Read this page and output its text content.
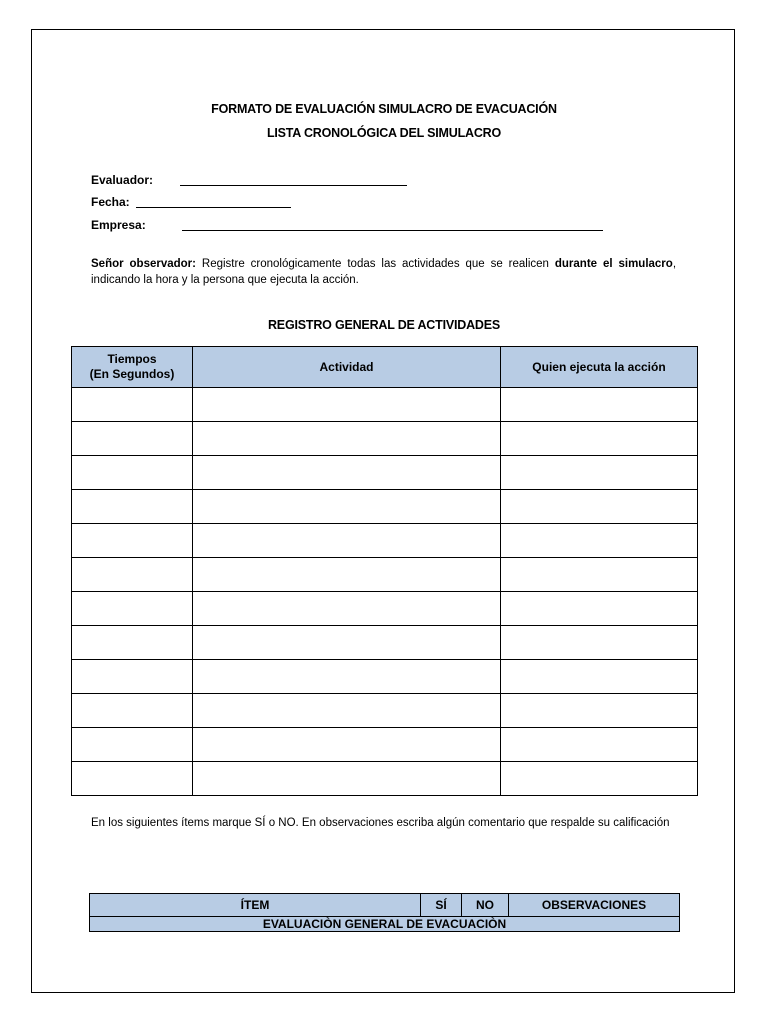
FORMATO DE EVALUACIÓN SIMULACRO DE EVACUACIÓN
LISTA CRONOLÓGICA DEL SIMULACRO
Evaluador:
Fecha:
Empresa:
Señor observador: Registre cronológicamente todas las actividades que se realicen durante el simulacro, indicando la hora y la persona que ejecuta la acción.
REGISTRO GENERAL DE ACTIVIDADES
Tiempos
(En Segundos)	Actividad	Quien ejecuta la acción

En los siguientes ítems marque SÍ o NO. En observaciones escriba algún comentario que respalde su calificación
ÍTEM	SÍ	NO	OBSERVACIONES
EVALUACIÒN GENERAL DE EVACUACIÒN
